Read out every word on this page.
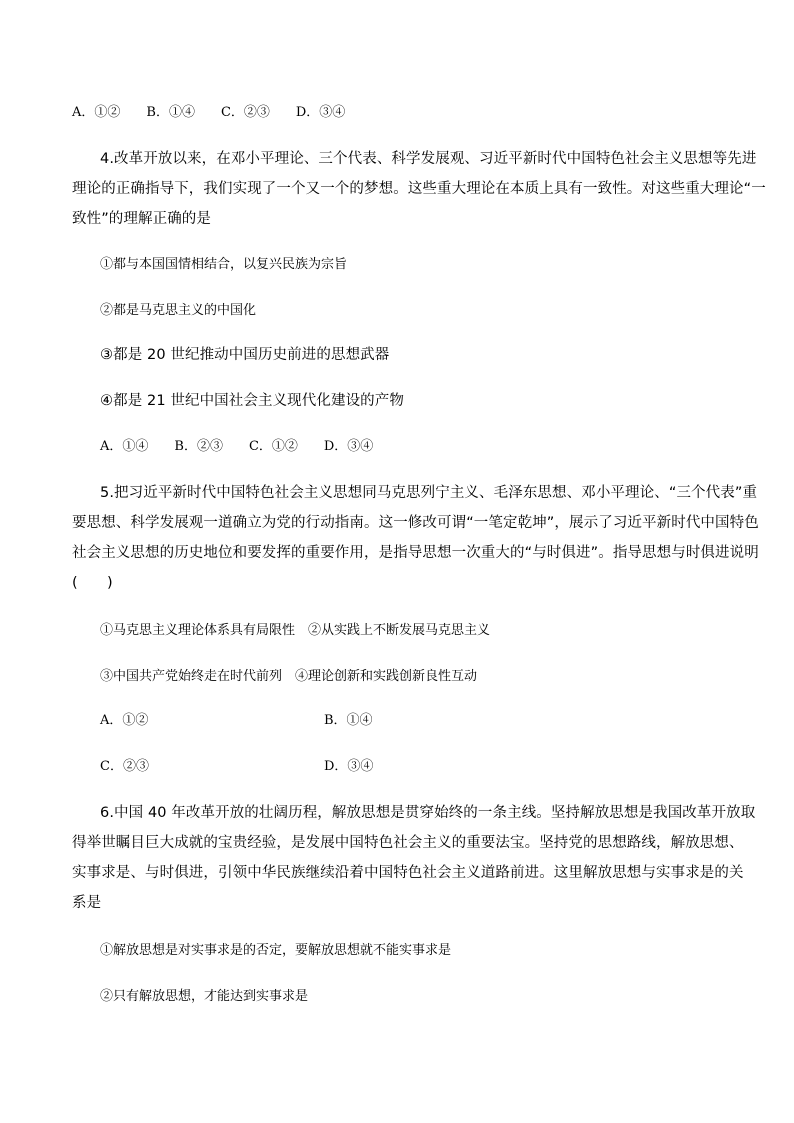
A．①②　　B．①④　　C．②③　　D．③④
4.改革开放以来，在邓小平理论、三个代表、科学发展观、习近平新时代中国特色社会主义思想等先进
理论的正确指导下，我们实现了一个又一个的梦想。这些重大理论在本质上具有一致性。对这些重大理论“一
致性”的理解正确的是
①都与本国国情相结合，以复兴民族为宗旨
②都是马克思主义的中国化
③都是 20 世纪推动中国历史前进的思想武器
④都是 21 世纪中国社会主义现代化建设的产物
A．①④　　B．②③　　C．①②　　D．③④
5.把习近平新时代中国特色社会主义思想同马克思列宁主义、毛泽东思想、邓小平理论、“三个代表”重
要思想、科学发展观一道确立为党的行动指南。这一修改可谓“一笔定乾坤”，展示了习近平新时代中国特色
社会主义思想的历史地位和要发挥的重要作用，是指导思想一次重大的“与时俱进”。指导思想与时俱进说明
(　　)
①马克思主义理论体系具有局限性　②从实践上不断发展马克思主义
③中国共产党始终走在时代前列　④理论创新和实践创新良性互动
A．①②	B．①④
C．②③	D．③④
6.中国 40 年改革开放的壮阔历程，解放思想是贯穿始终的一条主线。坚持解放思想是我国改革开放取
得举世瞩目巨大成就的宝贵经验，是发展中国特色社会主义的重要法宝。坚持党的思想路线，解放思想、
实事求是、与时俱进，引领中华民族继续沿着中国特色社会主义道路前进。这里解放思想与实事求是的关
系是
①解放思想是对实事求是的否定，要解放思想就不能实事求是
②只有解放思想，才能达到实事求是
